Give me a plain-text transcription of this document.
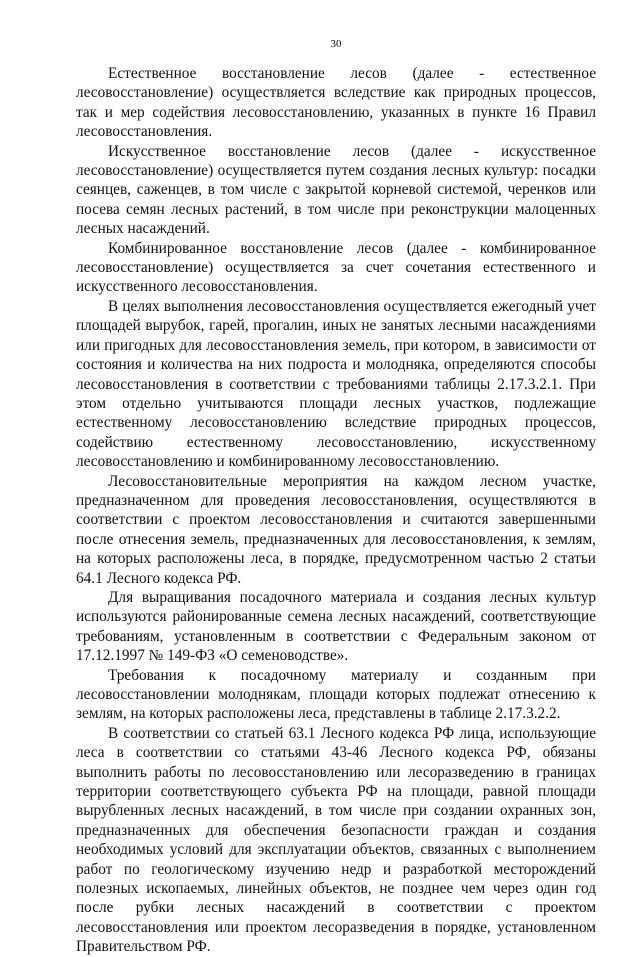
30

Естественное восстановление лесов (далее - естественное лесовосстановление) осуществляется вследствие как природных процессов, так и мер содействия лесовосстановлению, указанных в пункте 16 Правил лесовосстановления.

Искусственное восстановление лесов (далее - искусственное лесовосстановление) осуществляется путем создания лесных культур: посадки сеянцев, саженцев, в том числе с закрытой корневой системой, черенков или посева семян лесных растений, в том числе при реконструкции малоценных лесных насаждений.

Комбинированное восстановление лесов (далее - комбинированное лесовосстановление) осуществляется за счет сочетания естественного и искусственного лесовосстановления.

В целях выполнения лесовосстановления осуществляется ежегодный учет площадей вырубок, гарей, прогалин, иных не занятых лесными насаждениями или пригодных для лесовосстановления земель, при котором, в зависимости от состояния и количества на них подроста и молодняка, определяются способы лесовосстановления в соответствии с требованиями таблицы 2.17.3.2.1. При этом отдельно учитываются площади лесных участков, подлежащие естественному лесовосстановлению вследствие природных процессов, содействию естественному лесовосстановлению, искусственному лесовосстановлению и комбинированному лесовосстановлению.

Лесовосстановительные мероприятия на каждом лесном участке, предназначенном для проведения лесовосстановления, осуществляются в соответствии с проектом лесовосстановления и считаются завершенными после отнесения земель, предназначенных для лесовосстановления, к землям, на которых расположены леса, в порядке, предусмотренном частью 2 статьи 64.1 Лесного кодекса РФ.

Для выращивания посадочного материала и создания лесных культур используются районированные семена лесных насаждений, соответствующие требованиям, установленным в соответствии с Федеральным законом от 17.12.1997 № 149-ФЗ «О семеноводстве».

Требования к посадочному материалу и созданным при лесовосстановлении молоднякам, площади которых подлежат отнесению к землям, на которых расположены леса, представлены в таблице 2.17.3.2.2.

В соответствии со статьей 63.1 Лесного кодекса РФ лица, использующие леса в соответствии со статьями 43-46 Лесного кодекса РФ, обязаны выполнить работы по лесовосстановлению или лесоразведению в границах территории соответствующего субъекта РФ на площади, равной площади вырубленных лесных насаждений, в том числе при создании охранных зон, предназначенных для обеспечения безопасности граждан и создания необходимых условий для эксплуатации объектов, связанных с выполнением работ по геологическому изучению недр и разработкой месторождений полезных ископаемых, линейных объектов, не позднее чем через один год после рубки лесных насаждений в соответствии с проектом лесовосстановления или проектом лесоразведения в порядке, установленном Правительством РФ.
